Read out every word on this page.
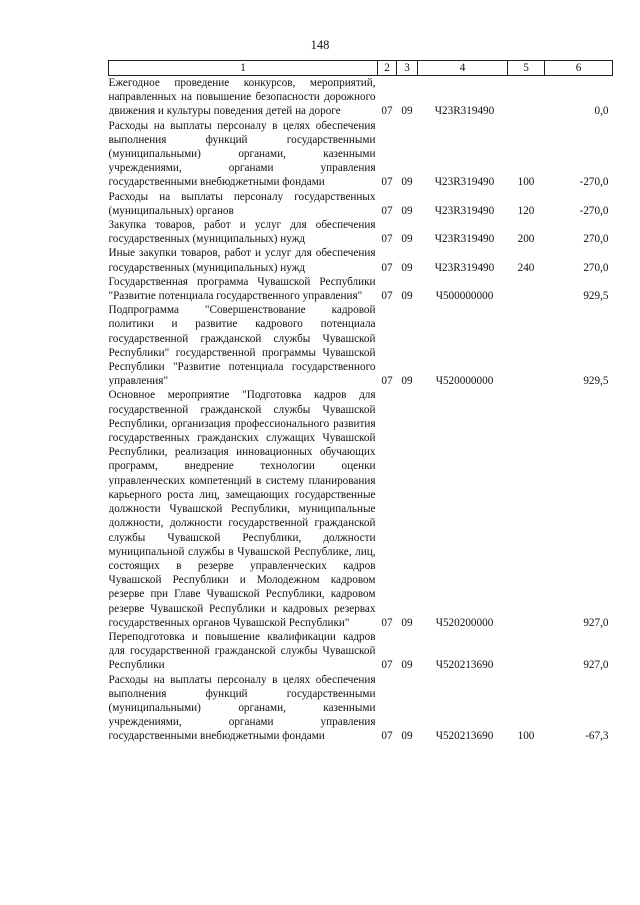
148
1	2	3	4	5	6
Ежегодное проведение конкурсов, мероприятий, направленных на повышение безопасности дорожного движения и культуры поведения детей на дороге	07	09	Ч23R319490		0,0
Расходы на выплаты персоналу в целях обеспечения выполнения функций государственными (муниципальными) органами, казенными учреждениями, органами управления государственными внебюджетными фондами	07	09	Ч23R319490	100	-270,0
Расходы на выплаты персоналу государственных (муниципальных) органов	07	09	Ч23R319490	120	-270,0
Закупка товаров, работ и услуг для обеспечения государственных (муниципальных) нужд	07	09	Ч23R319490	200	270,0
Иные закупки товаров, работ и услуг для обеспечения государственных (муниципальных) нужд	07	09	Ч23R319490	240	270,0
Государственная программа Чувашской Республики "Развитие потенциала государственного управления"	07	09	Ч500000000		929,5
Подпрограмма "Совершенствование кадровой политики и развитие кадрового потенциала государственной гражданской службы Чувашской Республики" государственной программы Чувашской Республики "Развитие потенциала государственного управления"	07	09	Ч520000000		929,5
Основное мероприятие "Подготовка кадров для государственной гражданской службы Чувашской Республики, организация профессионального развития государственных гражданских служащих Чувашской Республики, реализация инновационных обучающих программ, внедрение технологии оценки управленческих компетенций в систему планирования карьерного роста лиц, замещающих государственные должности Чувашской Республики, муниципальные должности, должности государственной гражданской службы Чувашской Республики, должности муниципальной службы в Чувашской Республике, лиц, состоящих в резерве управленческих кадров Чувашской Республики и Молодежном кадровом резерве при Главе Чувашской Республики, кадровом резерве Чувашской Республики и кадровых резервах государственных органов Чувашской Республики"	07	09	Ч520200000		927,0
Переподготовка и повышение квалификации кадров для государственной гражданской службы Чувашской Республики	07	09	Ч520213690		927,0
Расходы на выплаты персоналу в целях обеспечения выполнения функций государственными (муниципальными) органами, казенными учреждениями, органами управления государственными внебюджетными фондами	07	09	Ч520213690	100	-67,3
